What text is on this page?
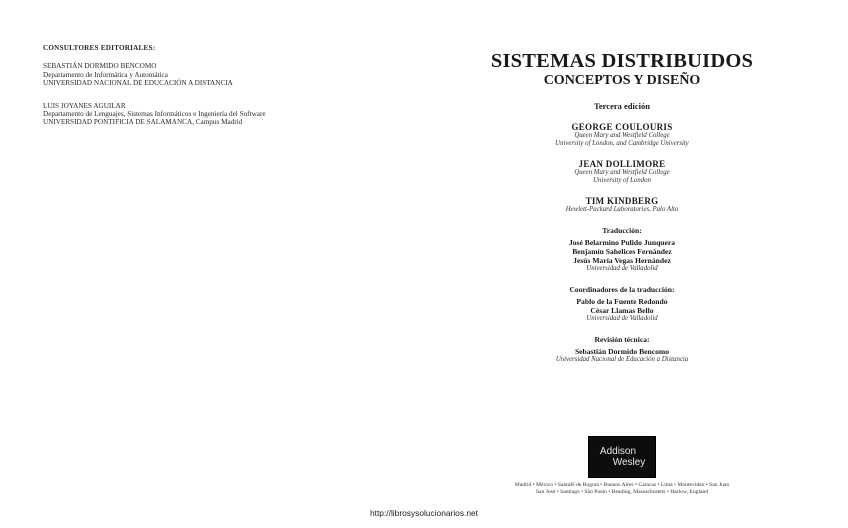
CONSULTORES EDITORIALES:
SEBASTIÁN DORMIDO BENCOMO
Departamento de Informática y Automática
UNIVERSIDAD NACIONAL DE EDUCACIÓN A DISTANCIA
LUIS JOYANES AGUILAR
Departamento de Lenguajes, Sistemas Informáticos e Ingeniería del Software
UNIVERSIDAD PONTIFICIA DE SALAMANCA, Campus Madrid
SISTEMAS DISTRIBUIDOS
CONCEPTOS Y DISEÑO
Tercera edición
GEORGE COULOURIS
Queen Mary and Westfield College
University of London, and Cambridge University
JEAN DOLLIMORE
Queen Mary and Westfield College
University of London
TIM KINDBERG
Hewlett-Packard Laboratories, Palo Alto
Traducción:
José Belarmino Pulido Junquera
Benjamín Sahelices Fernández
Jesús María Vegas Hernández
Universidad de Valladolid
Coordinadores de la traducción:
Pablo de la Fuente Redondo
César Llamas Bello
Universidad de Valladolid
Revisión técnica:
Sebastián Dormido Bencomo
Universidad Nacional de Educación a Distancia
Addison
Wesley
Madrid • México • Santafé de Bogotá • Buenos Aires • Caracas • Lima • Montevideo • San Juan
San José • Santiago • São Paulo • Reading, Massachusetts • Harlow, England
http://librosysolucionarios.net
